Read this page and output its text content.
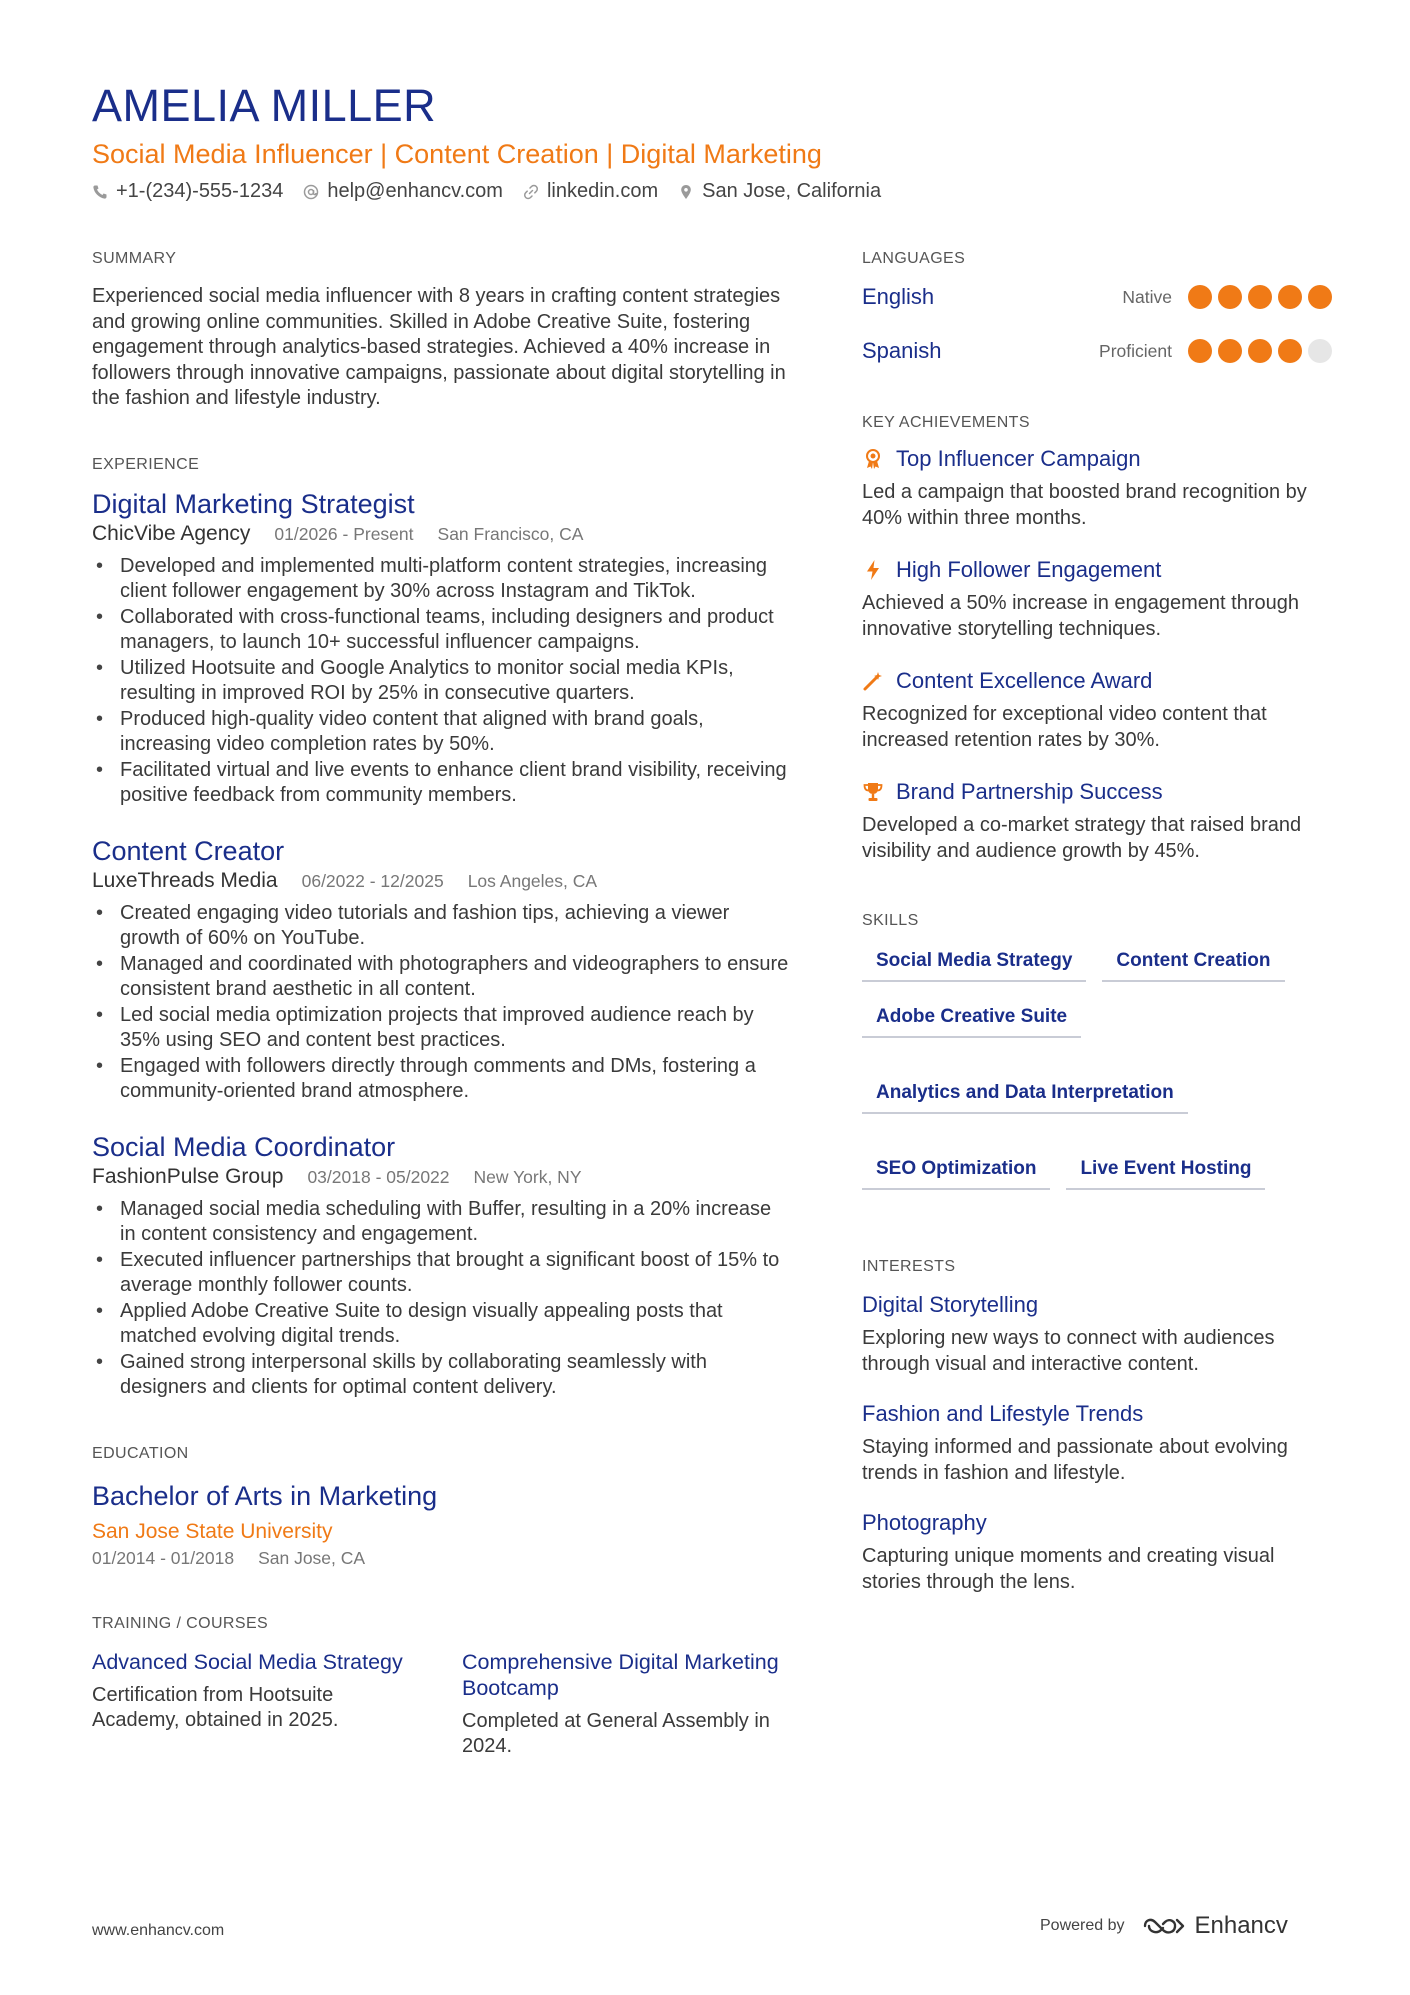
AMELIA MILLER
Social Media Influencer | Content Creation | Digital Marketing
+1-(234)-555-1234 help@enhancv.com linkedin.com San Jose, California
SUMMARY

Experienced social media influencer with 8 years in crafting content strategies and growing online communities. Skilled in Adobe Creative Suite, fostering engagement through analytics-based strategies. Achieved a 40% increase in followers through innovative campaigns, passionate about digital storytelling in the fashion and lifestyle industry.

EXPERIENCE
Digital Marketing Strategist
ChicVibe Agency 01/2026 - Present San Francisco, CA
• Developed and implemented multi-platform content strategies, increasing client follower engagement by 30% across Instagram and TikTok.
• Collaborated with cross-functional teams, including designers and product managers, to launch 10+ successful influencer campaigns.
• Utilized Hootsuite and Google Analytics to monitor social media KPIs, resulting in improved ROI by 25% in consecutive quarters.
• Produced high-quality video content that aligned with brand goals, increasing video completion rates by 50%.
• Facilitated virtual and live events to enhance client brand visibility, receiving positive feedback from community members.
Content Creator
LuxeThreads Media 06/2022 - 12/2025 Los Angeles, CA
• Created engaging video tutorials and fashion tips, achieving a viewer growth of 60% on YouTube.
• Managed and coordinated with photographers and videographers to ensure consistent brand aesthetic in all content.
• Led social media optimization projects that improved audience reach by 35% using SEO and content best practices.
• Engaged with followers directly through comments and DMs, fostering a community-oriented brand atmosphere.
Social Media Coordinator
FashionPulse Group 03/2018 - 05/2022 New York, NY
• Managed social media scheduling with Buffer, resulting in a 20% increase in content consistency and engagement.
• Executed influencer partnerships that brought a significant boost of 15% to average monthly follower counts.
• Applied Adobe Creative Suite to design visually appealing posts that matched evolving digital trends.
• Gained strong interpersonal skills by collaborating seamlessly with designers and clients for optimal content delivery.
EDUCATION
Bachelor of Arts in Marketing
San Jose State University
01/2014 - 01/2018 San Jose, CA
TRAINING / COURSES
Advanced Social Media Strategy
Certification from Hootsuite Academy, obtained in 2025.
Comprehensive Digital Marketing Bootcamp
Completed at General Assembly in 2024.
LANGUAGES
English	Native
Spanish	Proficient
KEY ACHIEVEMENTS
Top Influencer Campaign
Led a campaign that boosted brand recognition by 40% within three months.
High Follower Engagement
Achieved a 50% increase in engagement through innovative storytelling techniques.
Content Excellence Award
Recognized for exceptional video content that increased retention rates by 30%.
Brand Partnership Success
Developed a co-market strategy that raised brand visibility and audience growth by 45%.
SKILLS
Social Media Strategy	Content Creation
Adobe Creative Suite
Analytics and Data Interpretation
SEO Optimization	Live Event Hosting
INTERESTS
Digital Storytelling
Exploring new ways to connect with audiences through visual and interactive content.
Fashion and Lifestyle Trends
Staying informed and passionate about evolving trends in fashion and lifestyle.
Photography
Capturing unique moments and creating visual stories through the lens.
www.enhancv.com	Powered by	Enhancv
